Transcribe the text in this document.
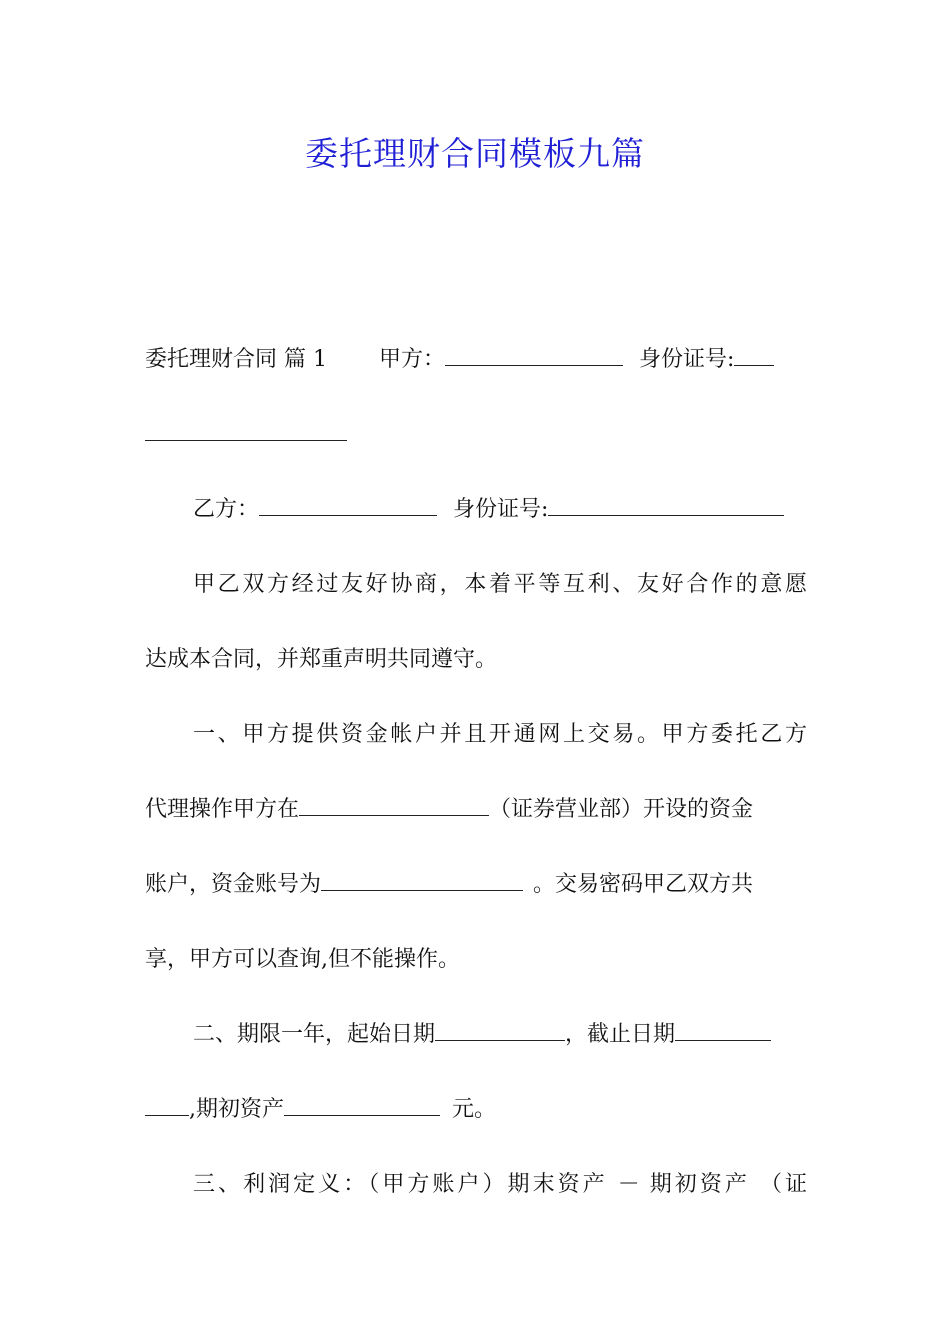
委托理财合同模板九篇
委托理财合同 篇 1 甲方：	身份证号:
乙方：	身份证号:
甲乙双方经过友好协商，本着平等互利、友好合作的意愿
达成本合同，并郑重声明共同遵守。
一、甲方提供资金帐户并且开通网上交易。甲方委托乙方
代理操作甲方在	（证券营业部）开设的资金
账户，资金账号为	。交易密码甲乙双方共
享，甲方可以查询,但不能操作。
二、期限一年，起始日期	，截止日期
,期初资产	元。
三、利润定义：（甲方账户）期末资产 － 期初资产 （证
